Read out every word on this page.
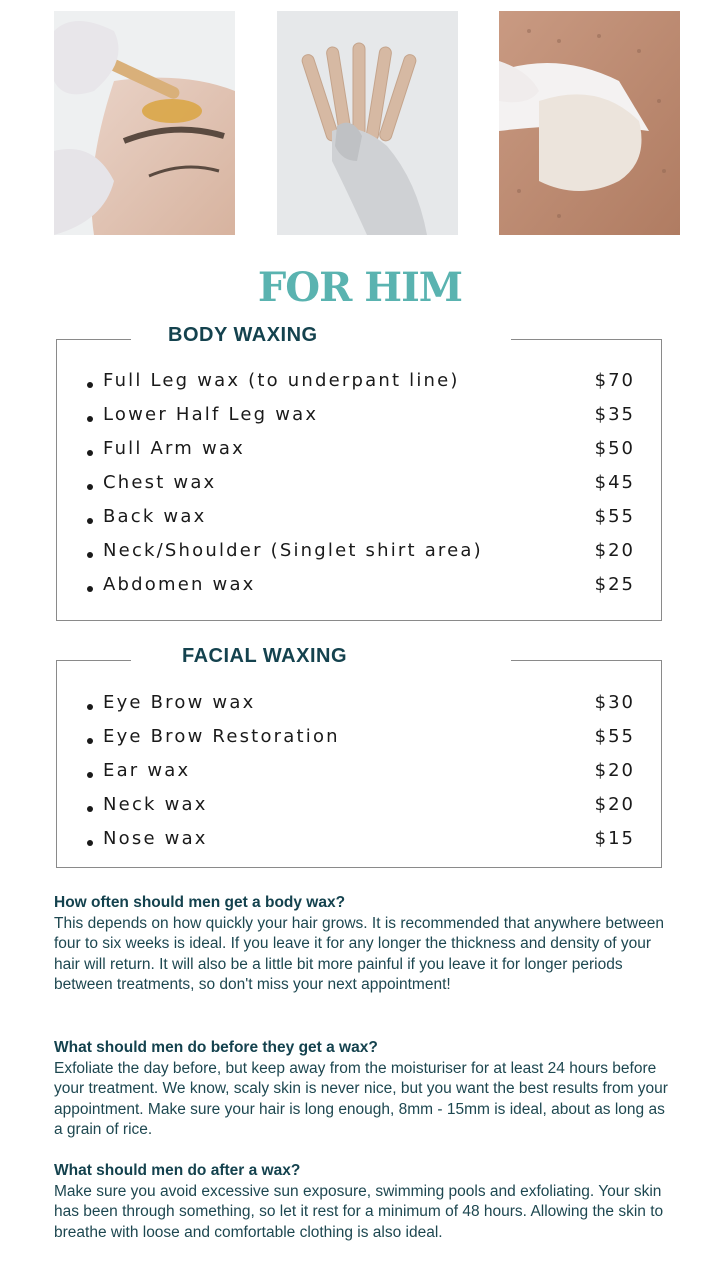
FOR HIM
BODY WAXING
Full Leg wax (to underpant line)	$70
Lower Half Leg wax	$35
Full Arm wax	$50
Chest wax	$45
Back wax	$55
Neck/Shoulder (Singlet shirt area)	$20
Abdomen wax	$25
FACIAL WAXING
Eye Brow wax	$30
Eye Brow Restoration	$55
Ear wax	$20
Neck wax	$20
Nose wax	$15
How often should men get a body wax?

This depends on how quickly your hair grows. It is recommended that anywhere between four to six weeks is ideal. If you leave it for any longer the thickness and density of your hair will return. It will also be a little bit more painful if you leave it for longer periods between treatments, so don't miss your next appointment!

What should men do before they get a wax?

Exfoliate the day before, but keep away from the moisturiser for at least 24 hours before your treatment. We know, scaly skin is never nice, but you want the best results from your appointment. Make sure your hair is long enough, 8mm - 15mm is ideal, about as long as a grain of rice.

What should men do after a wax?

Make sure you avoid excessive sun exposure, swimming pools and exfoliating. Your skin has been through something, so let it rest for a minimum of 48 hours. Allowing the skin to breathe with loose and comfortable clothing is also ideal.
